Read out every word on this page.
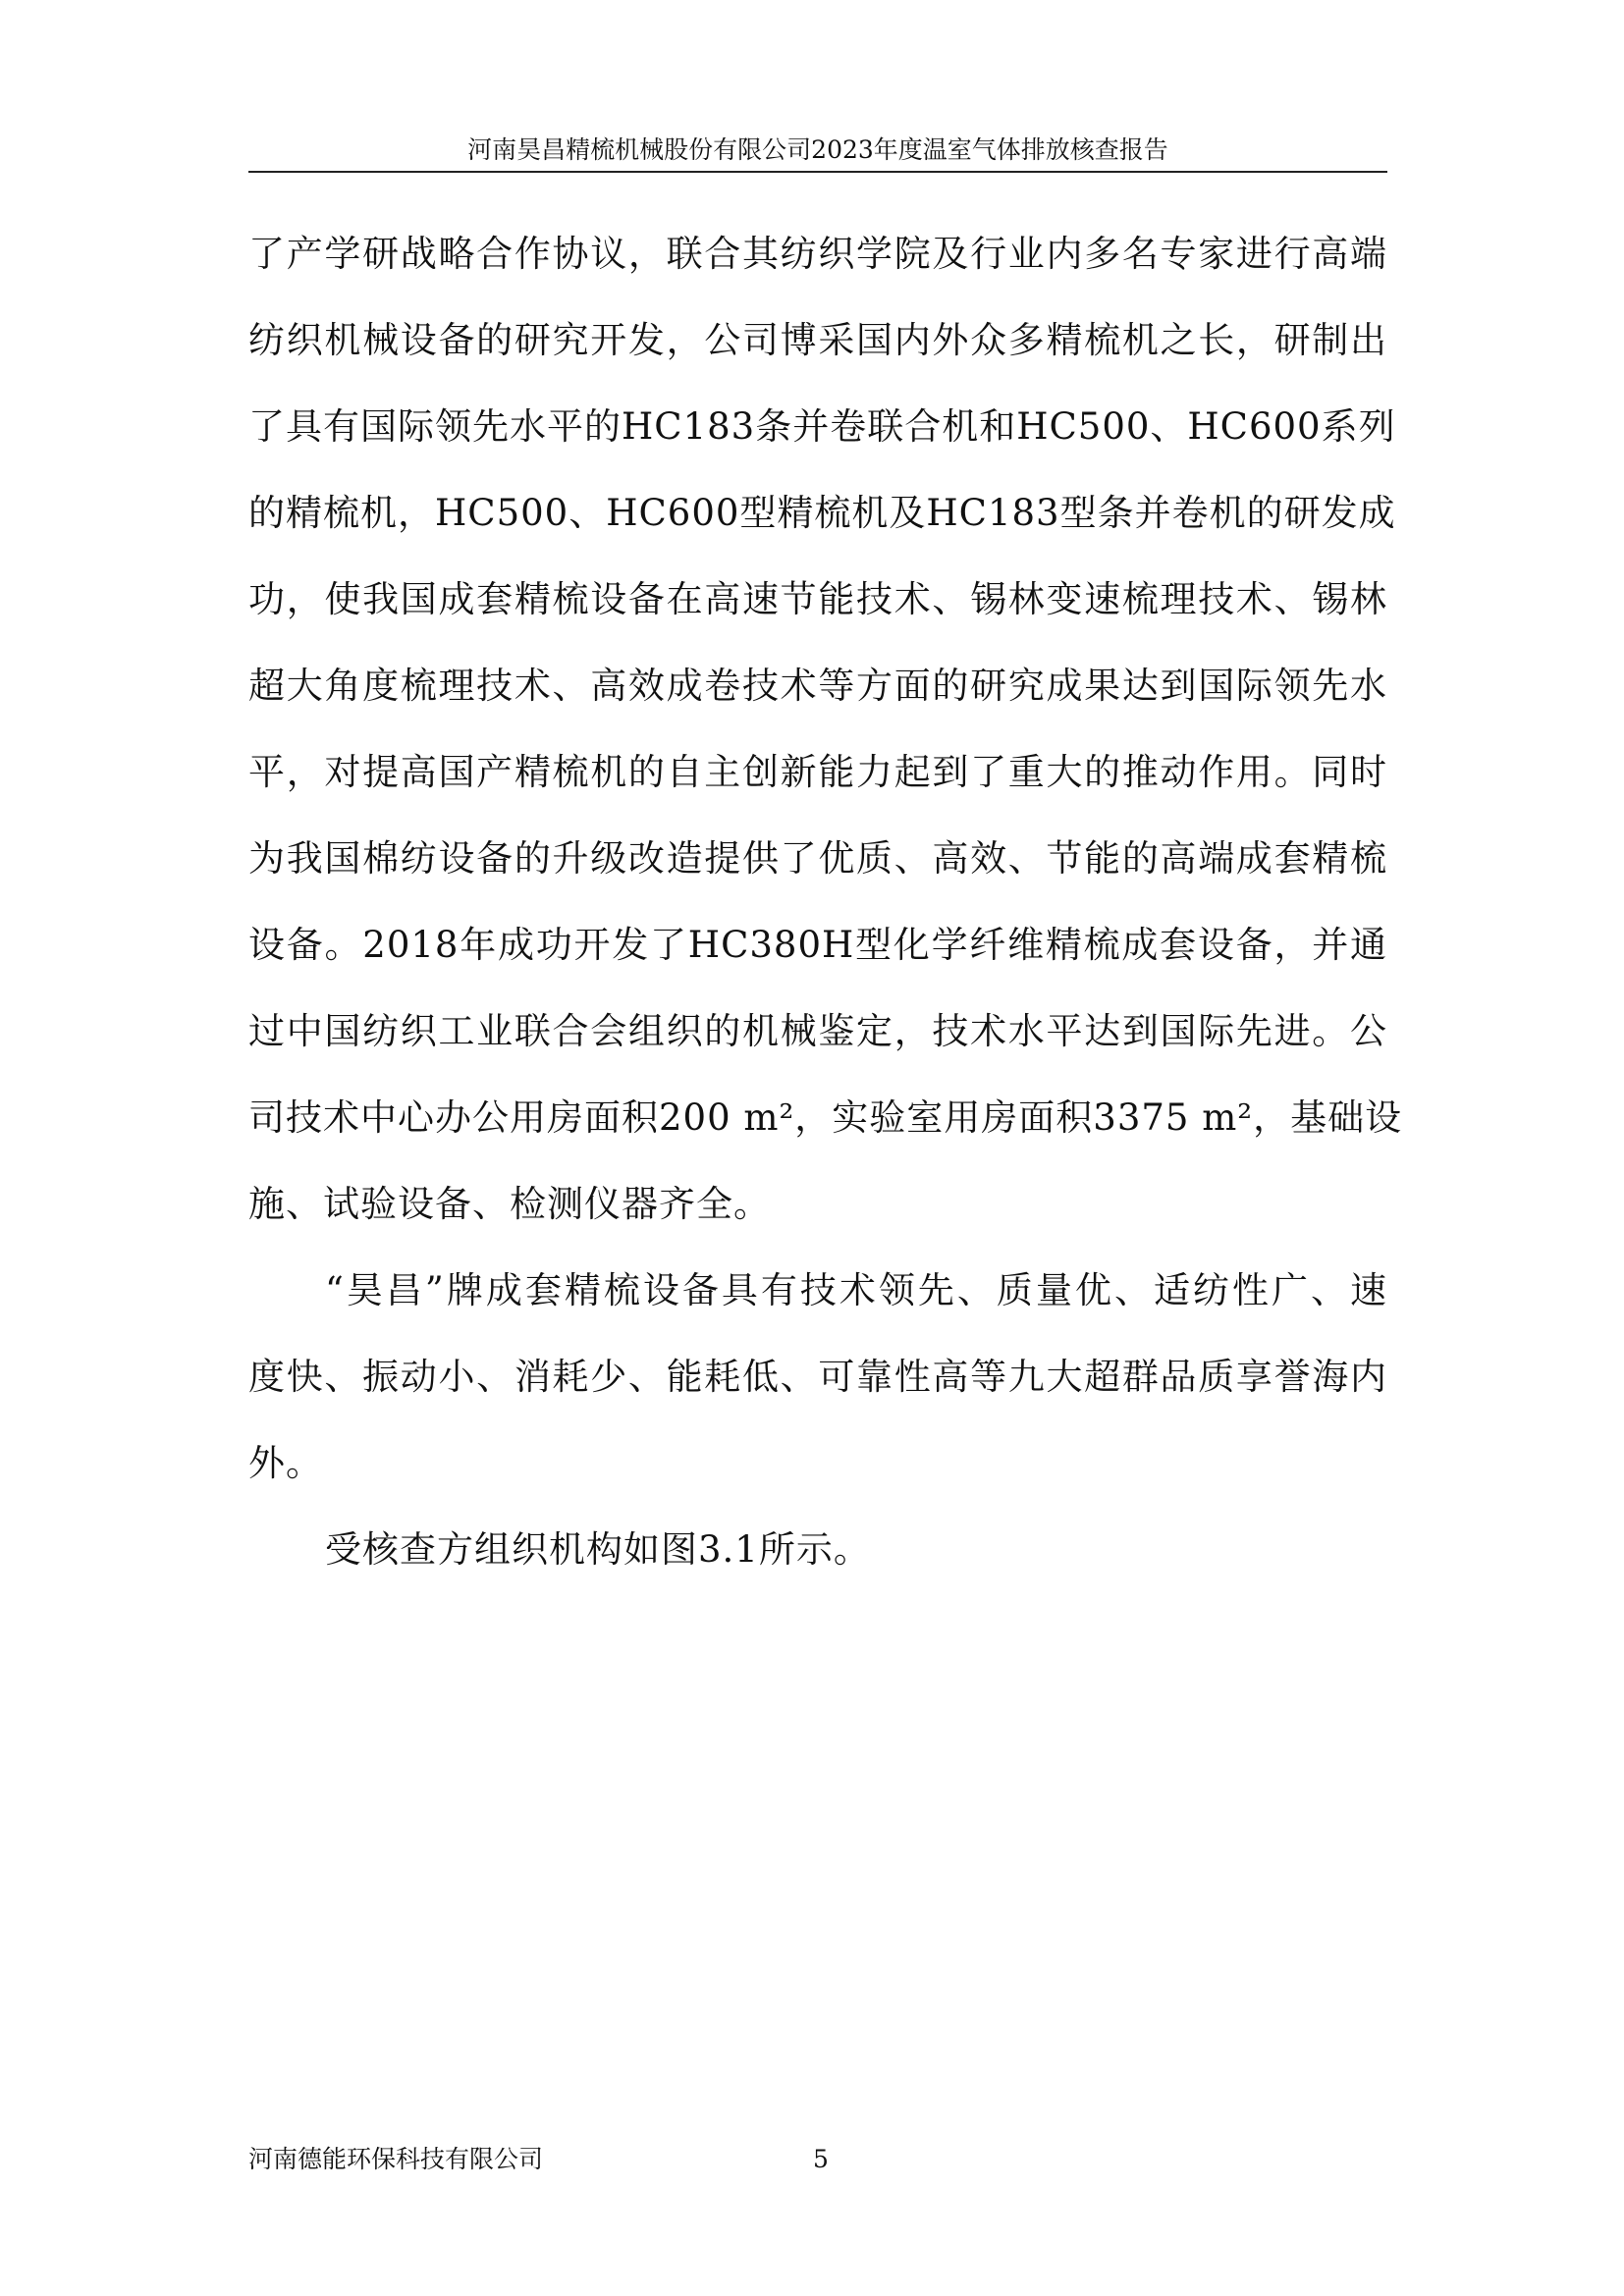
河南昊昌精梳机械股份有限公司2023年度温室气体排放核查报告
了产学研战略合作协议，联合其纺织学院及行业内多名专家进行高端
纺织机械设备的研究开发，公司博采国内外众多精梳机之长，研制出
了具有国际领先水平的HC183条并卷联合机和HC500、HC600系列
的精梳机，HC500、HC600型精梳机及HC183型条并卷机的研发成
功，使我国成套精梳设备在高速节能技术、锡林变速梳理技术、锡林
超大角度梳理技术、高效成卷技术等方面的研究成果达到国际领先水
平，对提高国产精梳机的自主创新能力起到了重大的推动作用。同时
为我国棉纺设备的升级改造提供了优质、高效、节能的高端成套精梳
设备。2018年成功开发了HC380H型化学纤维精梳成套设备，并通
过中国纺织工业联合会组织的机械鉴定，技术水平达到国际先进。公
司技术中心办公用房面积200 m²，实验室用房面积3375 m²，基础设
施、试验设备、检测仪器齐全。
“昊昌”牌成套精梳设备具有技术领先、质量优、适纺性广、速
度快、振动小、消耗少、能耗低、可靠性高等九大超群品质享誉海内
外。
受核查方组织机构如图3.1所示。
河南德能环保科技有限公司	5
